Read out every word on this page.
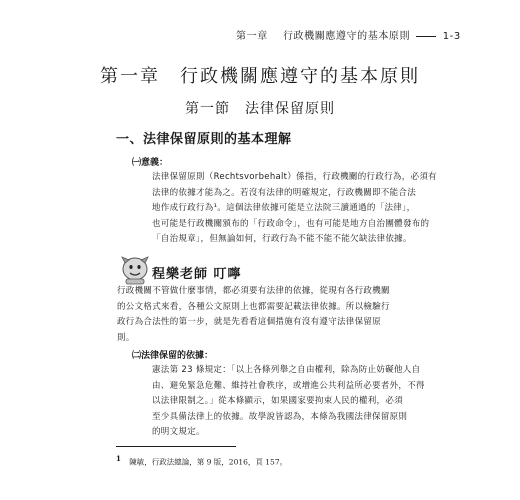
第一章 行政機關應遵守的基本原則	1-3
第一章　行政機關應遵守的基本原則
第一節　法律保留原則
一、法律保留原則的基本理解
㈠意義：
法律保留原則（Rechtsvorbehalt）係指，行政機關的行政行為，必須有
法律的依據才能為之。若沒有法律的明確規定，行政機關即不能合法
地作成行政行為¹。這個法律依據可能是立法院三讀通過的「法律」，
也可能是行政機關頒布的「行政命令」，也有可能是地方自治團體發布的
「自治規章」，但無論如何，行政行為不能不能不能欠缺法律依據。
程樂老師 叮嚀
行政機關不管做什麼事情，都必須要有法律的依據，從現有各行政機關
的公文格式來看，各種公文原則上也都需要記載法律依據。所以檢驗行
政行為合法性的第一步，就是先看看這個措施有沒有遵守法律保留原
則。
㈡法律保留的依據：
憲法第 23 條規定：「以上各條列舉之自由權利，除為防止妨礙他人自
由、避免緊急危難、維持社會秩序，或增進公共利益所必要者外，不得
以法律限制之。」從本條顯示，如果國家要拘束人民的權利，必須
至少具備法律上的依據。故學說皆認為，本條為我國法律保留原則
的明文規定。
$^1$ 陳敏，行政法總論，第 9 版，2016，頁 157。
